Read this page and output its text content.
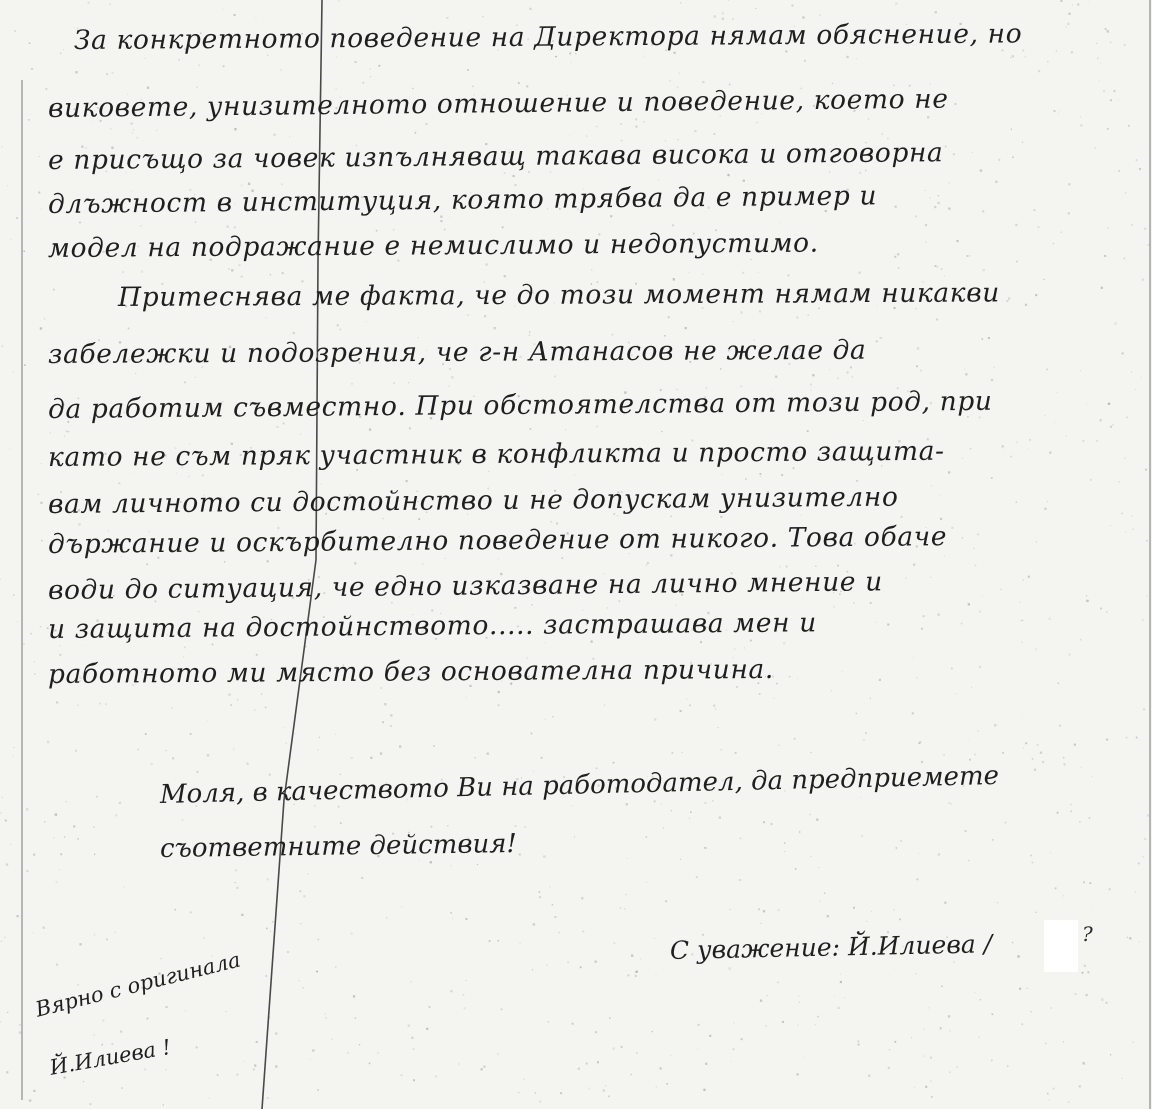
За конкретното поведение на Директора нямам обяснение, но
виковете, унизителното отношение и поведение, което не
е присъщо за човек изпълняващ такава висока и отговорна
длъжност в институция, която трябва да е пример и
модел на подражание е немислимо и недопустимо.
Притеснява ме факта, че до този момент нямам никакви
забележки и подозрения, че г-н Атанасов не желае да
да работим съвместно. При обстоятелства от този род, при
като не съм пряк участник в конфликта и просто защита-
вам личното си достойнство и не допускам унизително
държание и оскърбително поведение от никого. Това обаче
води до ситуация, че едно изказване на лично мнение и
и защита на достойнството..... застрашава мен и
работното ми място без основателна причина.
Моля, в качеството Ви на работодател, да предприемете
съответните действия!
С уважение: Й.Илиева /	?
Вярно с оригинала
Й.Илиева !
